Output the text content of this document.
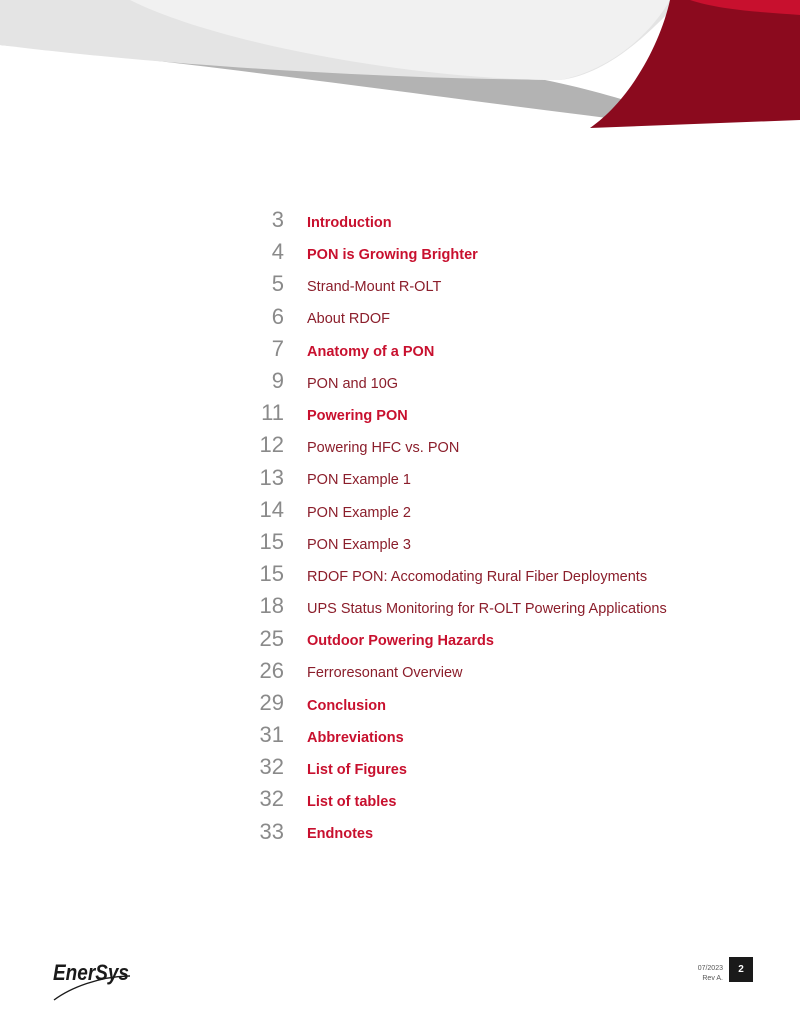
3 Introduction
4 PON is Growing Brighter
5 Strand-Mount R-OLT
6 About RDOF
7 Anatomy of a PON
9 PON and 10G
11 Powering PON
12 Powering HFC vs. PON
13 PON Example 1
14 PON Example 2
15 PON Example 3
15 RDOF PON: Accomodating Rural Fiber Deployments
18 UPS Status Monitoring for R-OLT Powering Applications
25 Outdoor Powering Hazards
26 Ferroresonant Overview
29 Conclusion
31 Abbreviations
32 List of Figures
32 List of tables
33 Endnotes
EnerSys	07/2023
Rev A.
2
